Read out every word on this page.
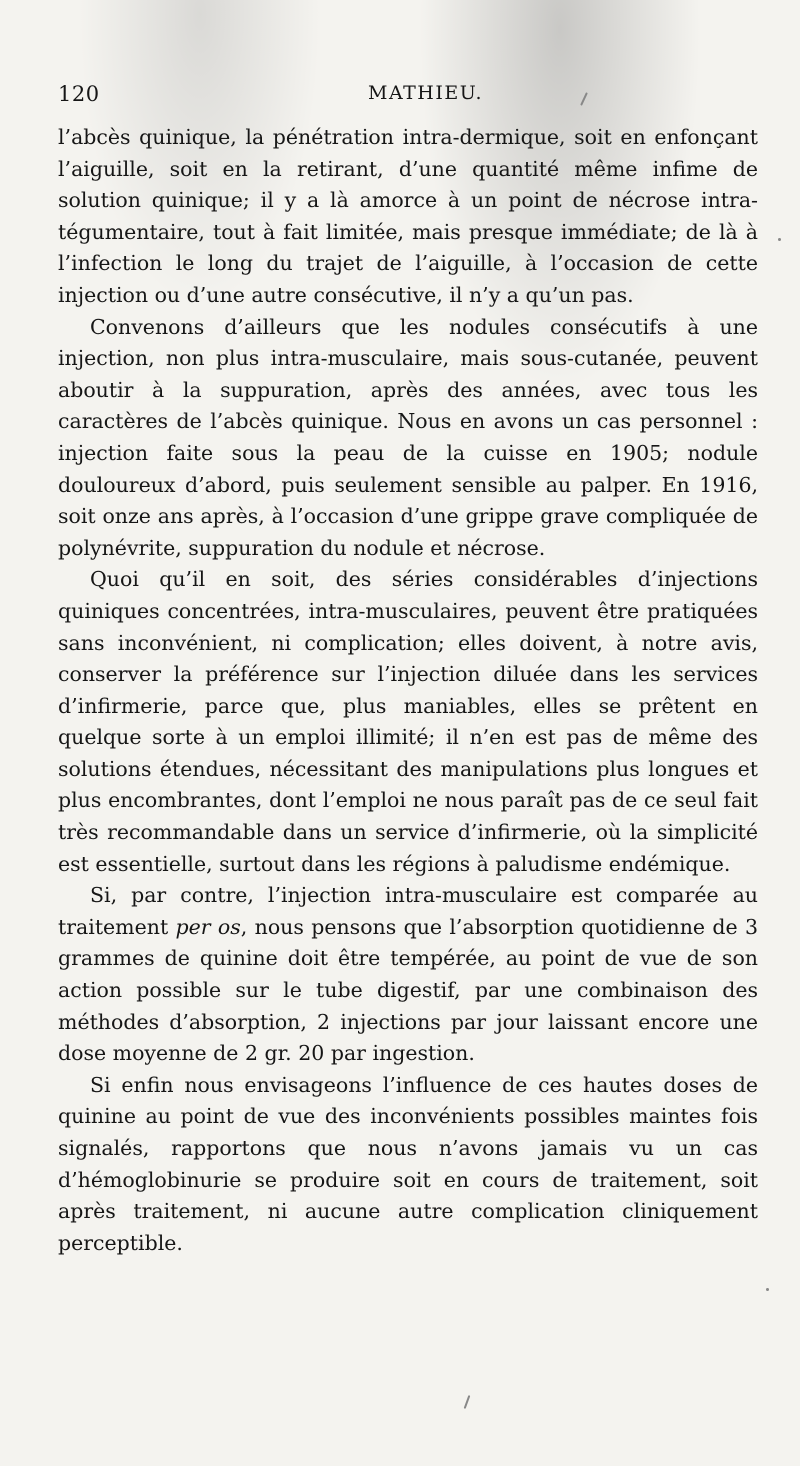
120	MATHIEU.

l’abcès quinique, la pénétration intra-dermique, soit en enfonçant l’aiguille, soit en la retirant, d’une quantité même infime de solution quinique; il y a là amorce à un point de nécrose intra-tégumentaire, tout à fait limitée, mais presque immédiate; de là à l’infection le long du trajet de l’aiguille, à l’occasion de cette injection ou d’une autre consécutive, il n’y a qu’un pas.

Convenons d’ailleurs que les nodules consécutifs à une injection, non plus intra-musculaire, mais sous-cutanée, peuvent aboutir à la suppuration, après des années, avec tous les caractères de l’abcès quinique. Nous en avons un cas personnel : injection faite sous la peau de la cuisse en 1905; nodule douloureux d’abord, puis seulement sensible au palper. En 1916, soit onze ans après, à l’occasion d’une grippe grave compliquée de polynévrite, suppuration du nodule et nécrose.

Quoi qu’il en soit, des séries considérables d’injections quiniques concentrées, intra-musculaires, peuvent être pratiquées sans inconvénient, ni complication; elles doivent, à notre avis, conserver la préférence sur l’injection diluée dans les services d’infirmerie, parce que, plus maniables, elles se prêtent en quelque sorte à un emploi illimité; il n’en est pas de même des solutions étendues, nécessitant des manipulations plus longues et plus encombrantes, dont l’emploi ne nous paraît pas de ce seul fait très recommandable dans un service d’infirmerie, où la simplicité est essentielle, surtout dans les régions à paludisme endémique.

Si, par contre, l’injection intra-musculaire est comparée au traitement per os, nous pensons que l’absorption quotidienne de 3 grammes de quinine doit être tempérée, au point de vue de son action possible sur le tube digestif, par une combinaison des méthodes d’absorption, 2 injections par jour laissant encore une dose moyenne de 2 gr. 20 par ingestion.

Si enfin nous envisageons l’influence de ces hautes doses de quinine au point de vue des inconvénients possibles maintes fois signalés, rapportons que nous n’avons jamais vu un cas d’hémoglobinurie se produire soit en cours de traitement, soit après traitement, ni aucune autre complication cliniquement perceptible.
